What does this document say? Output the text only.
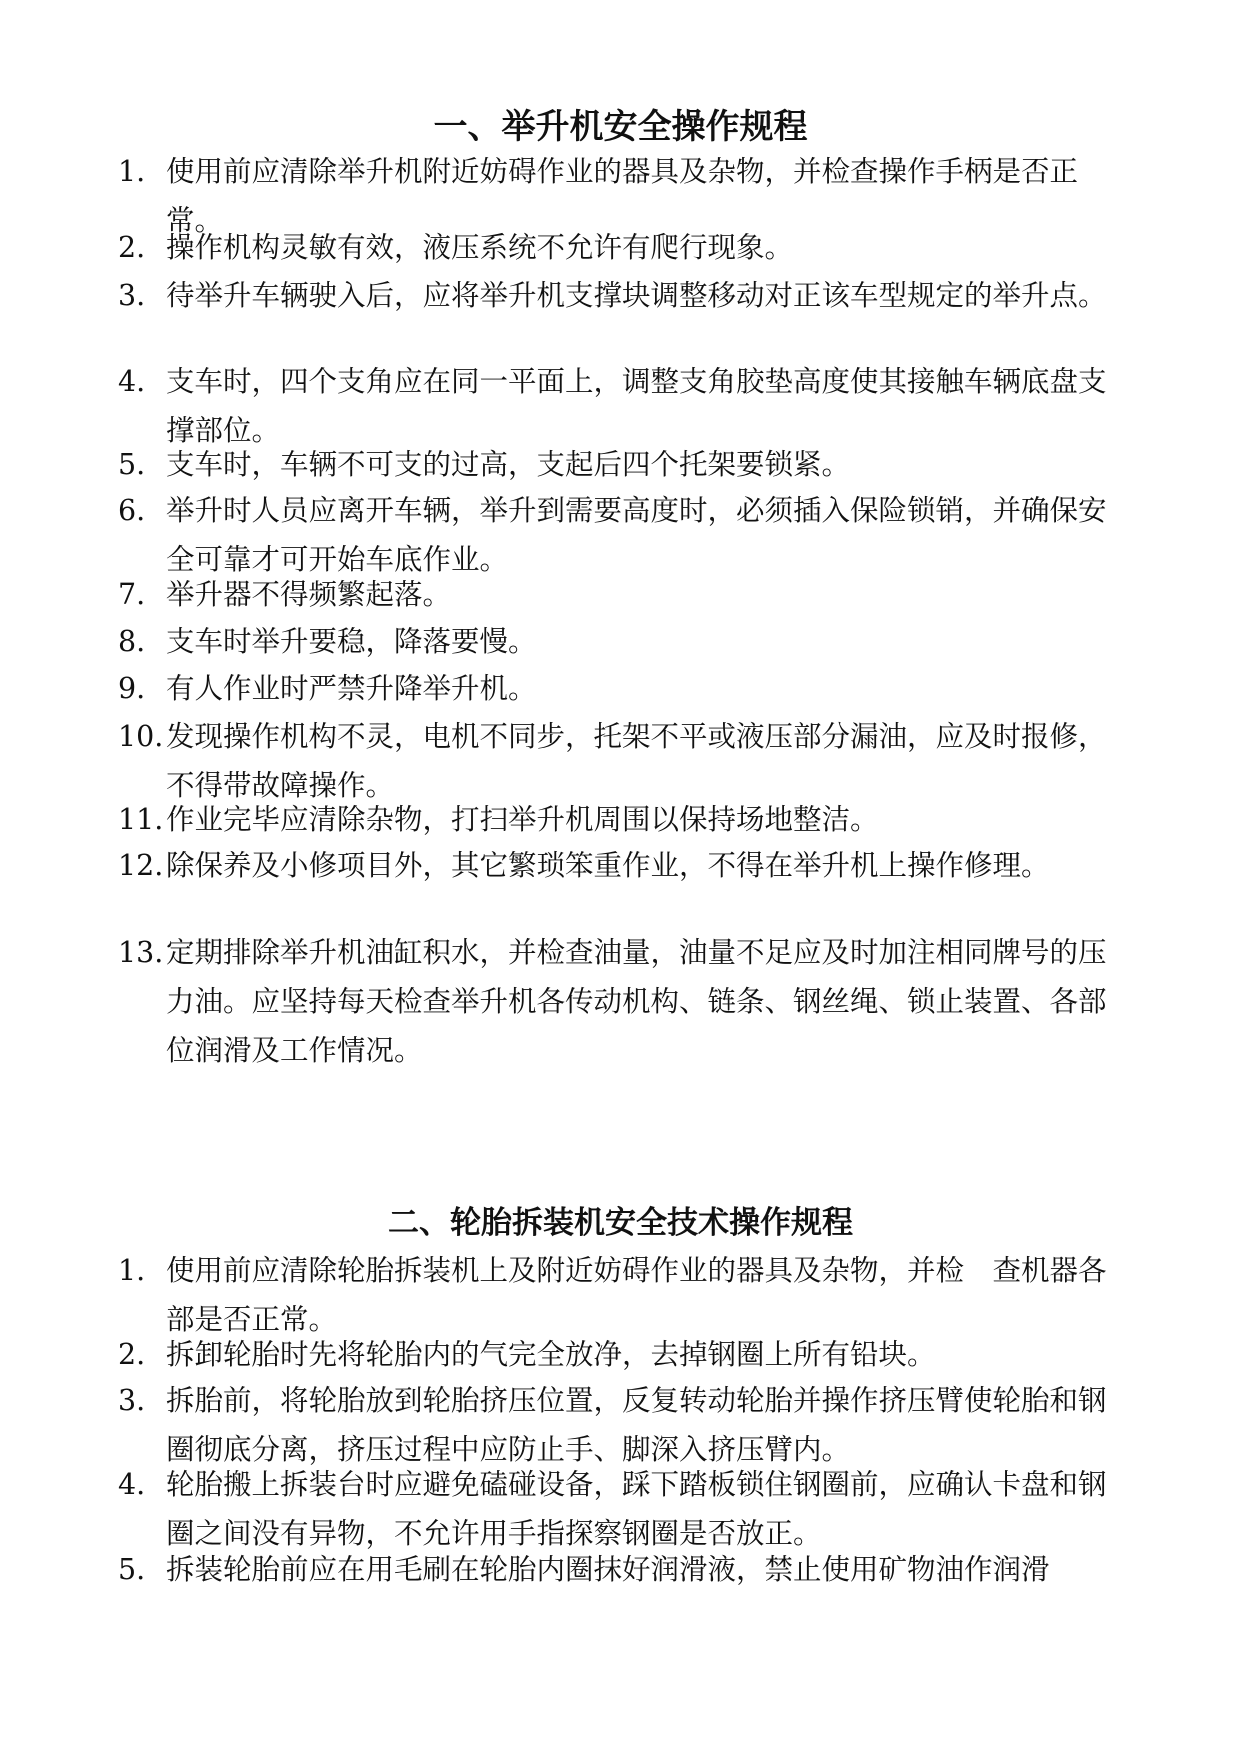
一、举升机安全操作规程
1. 使用前应清除举升机附近妨碍作业的器具及杂物，并检查操作手柄是否正常。
2. 操作机构灵敏有效，液压系统不允许有爬行现象。
3. 待举升车辆驶入后，应将举升机支撑块调整移动对正该车型规定的举升点。
4. 支车时，四个支角应在同一平面上，调整支角胶垫高度使其接触车辆底盘支撑部位。
5. 支车时，车辆不可支的过高，支起后四个托架要锁紧。
6. 举升时人员应离开车辆，举升到需要高度时，必须插入保险锁销，并确保安全可靠才可开始车底作业。
7. 举升器不得频繁起落。
8. 支车时举升要稳，降落要慢。
9. 有人作业时严禁升降举升机。
10. 发现操作机构不灵，电机不同步，托架不平或液压部分漏油，应及时报修，不得带故障操作。
11. 作业完毕应清除杂物，打扫举升机周围以保持场地整洁。
12. 除保养及小修项目外，其它繁琐笨重作业，不得在举升机上操作修理。
13. 定期排除举升机油缸积水，并检查油量，油量不足应及时加注相同牌号的压力油。应坚持每天检查举升机各传动机构、链条、钢丝绳、锁止装置、各部位润滑及工作情况。
二、轮胎拆装机安全技术操作规程
1. 使用前应清除轮胎拆装机上及附近妨碍作业的器具及杂物，并检　查机器各部是否正常。
2. 拆卸轮胎时先将轮胎内的气完全放净，去掉钢圈上所有铅块。
3. 拆胎前，将轮胎放到轮胎挤压位置，反复转动轮胎并操作挤压臂使轮胎和钢圈彻底分离，挤压过程中应防止手、脚深入挤压臂内。
4. 轮胎搬上拆装台时应避免磕碰设备，踩下踏板锁住钢圈前，应确认卡盘和钢圈之间没有异物，不允许用手指探察钢圈是否放正。
5. 拆装轮胎前应在用毛刷在轮胎内圈抹好润滑液，禁止使用矿物油作润滑
